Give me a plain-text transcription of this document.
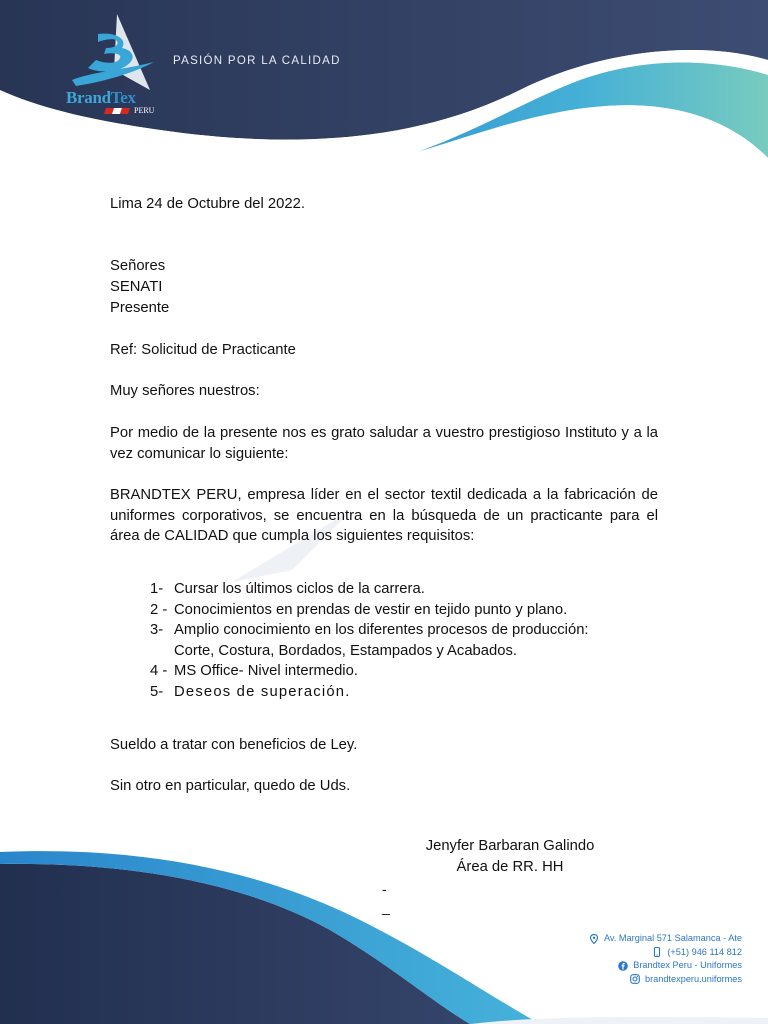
BrandTex
PERU
PASIÓN POR LA CALIDAD

Lima 24 de Octubre del 2022.

Señores

SENATI

Presente

Ref: Solicitud de Practicante

Muy señores nuestros:

Por medio de la presente nos es grato saludar a vuestro prestigioso Instituto y a la vez comunicar lo siguiente:

BRANDTEX PERU, empresa líder en el sector textil dedicada a la fabricación de uniformes corporativos, se encuentra en la búsqueda de un practicante para el área de CALIDAD que cumpla los siguientes requisitos:

1- Cursar los últimos ciclos de la carrera.
2 - Conocimientos en prendas de vestir en tejido punto y plano.
3- Amplio conocimiento en los diferentes procesos de producción:
Corte, Costura, Bordados, Estampados y Acabados.
4 - MS Office- Nivel intermedio.
5- Deseos de superación.

Sueldo a tratar con beneficios de Ley.

Sin otro en particular, quedo de Uds.

Jenyfer Barbaran Galindo
Área de RR. HH
-
_
Av. Marginal 571 Salamanca - Ate
(+51) 946 114 812
Brandtex Peru - Uniformes
brandtexperu.uniformes
